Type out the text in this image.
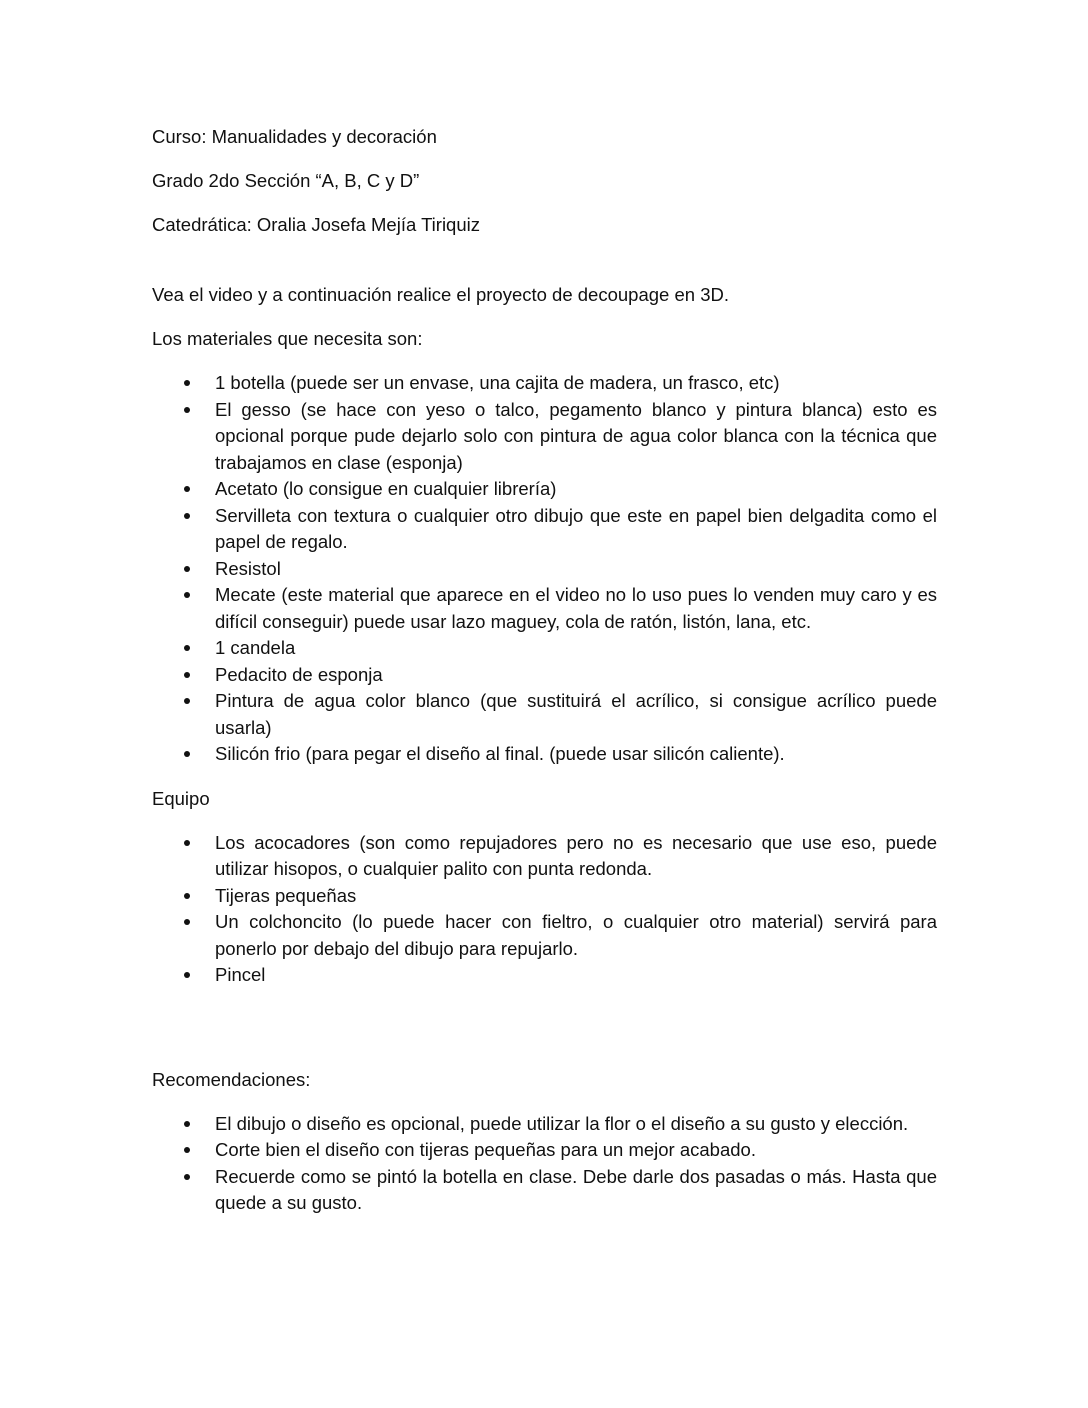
Curso: Manualidades y decoración

Grado 2do Sección “A, B, C y D”

Catedrática: Oralia Josefa Mejía Tiriquiz

Vea el video y a continuación realice el proyecto de decoupage en 3D.

Los materiales que necesita son:

1 botella (puede ser un envase, una cajita de madera, un frasco, etc)
El gesso (se hace con yeso o talco, pegamento blanco y pintura blanca) esto es opcional porque pude dejarlo solo con pintura de agua color blanca con la técnica que trabajamos en clase (esponja)
Acetato (lo consigue en cualquier librería)
Servilleta con textura o cualquier otro dibujo que este en papel bien delgadita como el papel de regalo.
Resistol
Mecate (este material que aparece en el video no lo uso pues lo venden muy caro y es difícil conseguir) puede usar lazo maguey, cola de ratón, listón, lana, etc.
1 candela
Pedacito de esponja
Pintura de agua color blanco (que sustituirá el acrílico, si consigue acrílico puede usarla)
Silicón frio (para pegar el diseño al final. (puede usar silicón caliente).

Equipo

Los acocadores (son como repujadores pero no es necesario que use eso, puede utilizar hisopos, o cualquier palito con punta redonda.
Tijeras pequeñas
Un colchoncito (lo puede hacer con fieltro, o cualquier otro material) servirá para ponerlo por debajo del dibujo para repujarlo.
Pincel

Recomendaciones:

El dibujo o diseño es opcional, puede utilizar la flor o el diseño a su gusto y elección.
Corte bien el diseño con tijeras pequeñas para un mejor acabado.
Recuerde como se pintó la botella en clase. Debe darle dos pasadas o más. Hasta que quede a su gusto.
